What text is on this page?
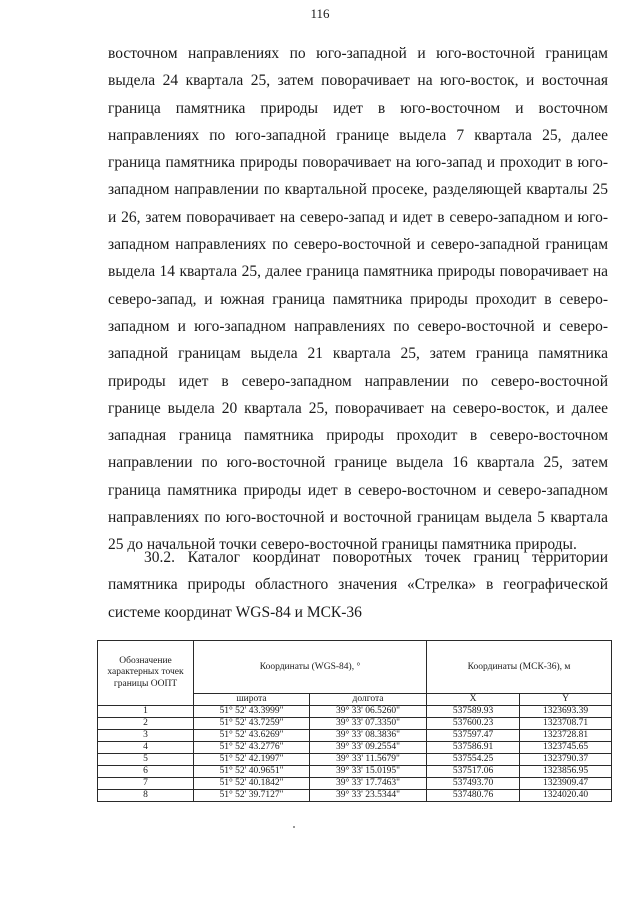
116

восточном направлениях по юго-западной и юго-восточной границам выдела 24 квартала 25, затем поворачивает на юго-восток, и восточная граница памятника природы идет в юго-восточном и восточном направлениях по юго-западной границе выдела 7 квартала 25, далее граница памятника природы поворачивает на юго-запад и проходит в юго-западном направлении по квартальной просеке, разделяющей кварталы 25 и 26, затем поворачивает на северо-запад и идет в северо-западном и юго-западном направлениях по северо-восточной и северо-западной границам выдела 14 квартала 25, далее граница памятника природы поворачивает на северо-запад, и южная граница памятника природы проходит в северо-западном и юго-западном направлениях по северо-восточной и северо-западной границам выдела 21 квартала 25, затем граница памятника природы идет в северо-западном направлении по северо-восточной границе выдела 20 квартала 25, поворачивает на северо-восток, и далее западная граница памятника природы проходит в северо-восточном направлении по юго-восточной границе выдела 16 квартала 25, затем граница памятника природы идет в северо-восточном и северо-западном направлениях по юго-восточной и восточной границам выдела 5 квартала 25 до начальной точки северо-восточной границы памятника природы.

30.2. Каталог координат поворотных точек границ территории памятника природы областного значения «Стрелка» в географической системе координат WGS-84 и МСК-36

Обозначение характерных точек границы ООПТ	Координаты (WGS-84), °		Координаты (МСК-36), м	
	широта	долгота	X	Y
1	51° 52' 43.3999"	39° 33' 06.5260"	537589.93	1323693.39
2	51° 52' 43.7259"	39° 33' 07.3350"	537600.23	1323708.71
3	51° 52' 43.6269"	39° 33' 08.3836"	537597.47	1323728.81
4	51° 52' 43.2776"	39° 33' 09.2554"	537586.91	1323745.65
5	51° 52' 42.1997"	39° 33' 11.5679"	537554.25	1323790.37
6	51° 52' 40.9651"	39° 33' 15.0195"	537517.06	1323856.95
7	51° 52' 40.1842"	39° 33' 17.7463"	537493.70	1323909.47
8	51° 52' 39.7127"	39° 33' 23.5344"	537480.76	1324020.40
